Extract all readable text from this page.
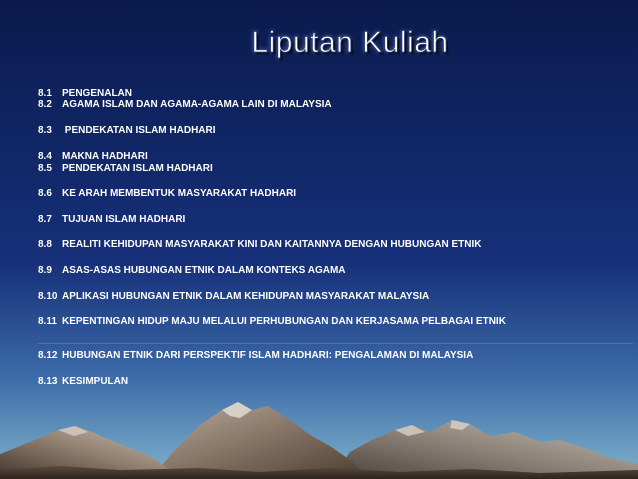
Liputan Kuliah
8.1 PENGENALAN
8.2 AGAMA ISLAM DAN AGAMA-AGAMA LAIN DI MALAYSIA
8.3 PENDEKATAN ISLAM HADHARI
8.4 MAKNA HADHARI
8.5 PENDEKATAN ISLAM HADHARI
8.6 KE ARAH MEMBENTUK MASYARAKAT HADHARI
8.7 TUJUAN ISLAM HADHARI
8.8 REALITI KEHIDUPAN MASYARAKAT KINI DAN KAITANNYA DENGAN HUBUNGAN ETNIK
8.9 ASAS-ASAS HUBUNGAN ETNIK DALAM KONTEKS AGAMA
8.10 APLIKASI HUBUNGAN ETNIK DALAM KEHIDUPAN MASYARAKAT MALAYSIA
8.11 KEPENTINGAN HIDUP MAJU MELALUI PERHUBUNGAN DAN KERJASAMA PELBAGAI ETNIK
8.12 HUBUNGAN ETNIK DARI PERSPEKTIF ISLAM HADHARI: PENGALAMAN DI MALAYSIA
8.13 KESIMPULAN
